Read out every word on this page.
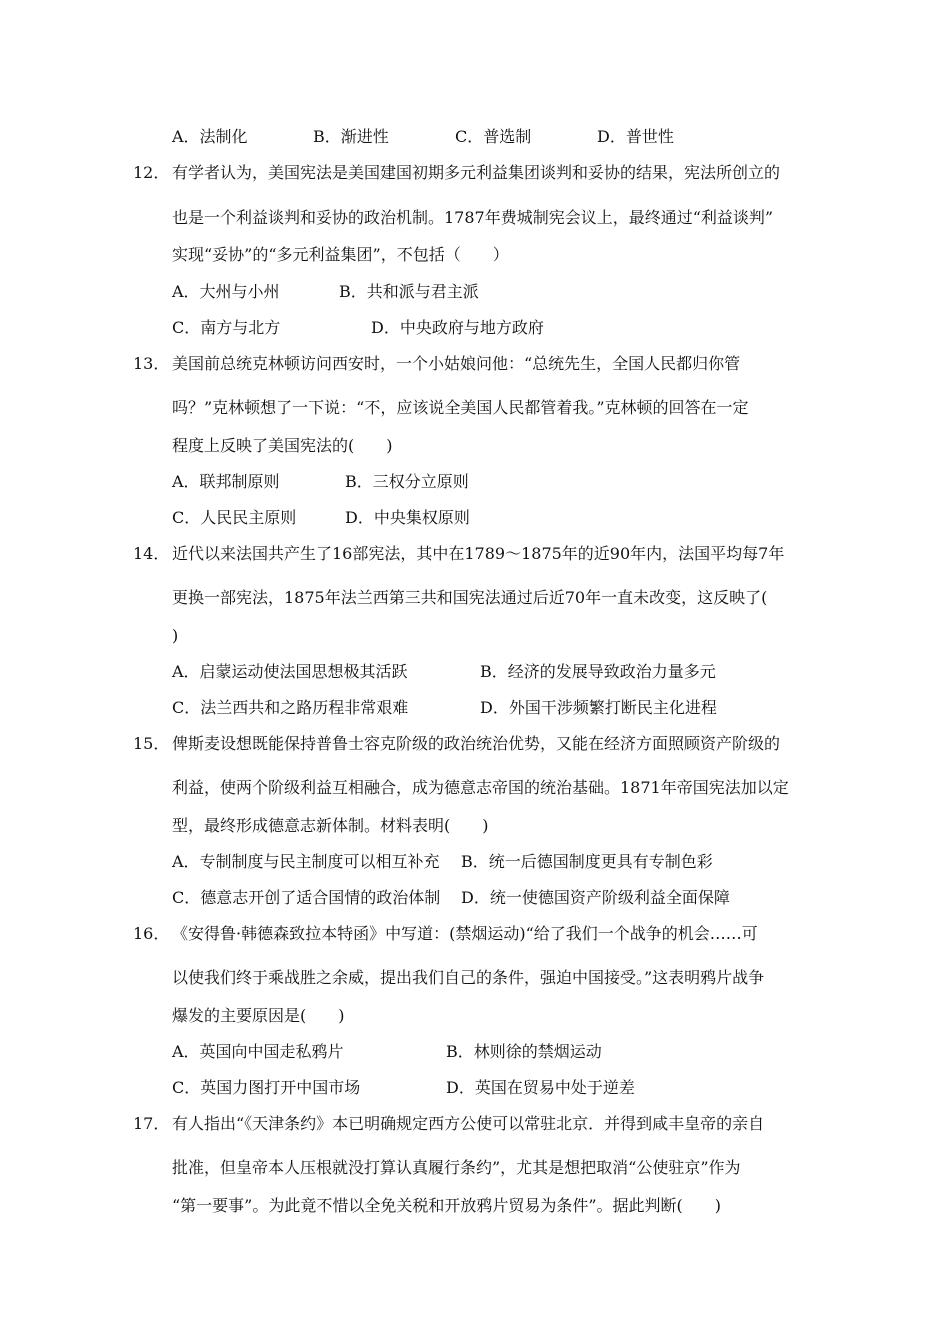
A．法制化	B．渐进性	C．普选制	D．普世性
12． 有学者认为，美国宪法是美国建国初期多元利益集团谈判和妥协的结果，宪法所创立的
也是一个利益谈判和妥协的政治机制。1787年费城制宪会议上，最终通过“利益谈判”
实现“妥协”的“多元利益集团”，不包括（　　）
A．大州与小州	B．共和派与君主派
C．南方与北方	D．中央政府与地方政府
13． 美国前总统克林顿访问西安时，一个小姑娘问他：“总统先生，全国人民都归你管
吗？”克林顿想了一下说：“不，应该说全美国人民都管着我。”克林顿的回答在一定
程度上反映了美国宪法的(　　)
A．联邦制原则	B．三权分立原则
C．人民民主原则	D．中央集权原则
14． 近代以来法国共产生了16部宪法，其中在1789～1875年的近90年内，法国平均每7年
更换一部宪法，1875年法兰西第三共和国宪法通过后近70年一直未改变，这反映了(
)
A．启蒙运动使法国思想极其活跃	B．经济的发展导致政治力量多元
C．法兰西共和之路历程非常艰难	D．外国干涉频繁打断民主化进程
15． 俾斯麦设想既能保持普鲁士容克阶级的政治统治优势，又能在经济方面照顾资产阶级的
利益，使两个阶级利益互相融合，成为德意志帝国的统治基础。1871年帝国宪法加以定
型，最终形成德意志新体制。材料表明(　　)
A．专制制度与民主制度可以相互补充 B．统一后德国制度更具有专制色彩
C．德意志开创了适合国情的政治体制 D．统一使德国资产阶级利益全面保障
16． 《安得鲁·韩德森致拉本特函》中写道：(禁烟运动)“给了我们一个战争的机会……可
以使我们终于乘战胜之余威，提出我们自己的条件，强迫中国接受。”这表明鸦片战争
爆发的主要原因是(　　)
A．英国向中国走私鸦片	B．林则徐的禁烟运动
C．英国力图打开中国市场	D．英国在贸易中处于逆差
17． 有人指出“《天津条约》本已明确规定西方公使可以常驻北京．并得到咸丰皇帝的亲自
批准，但皇帝本人压根就没打算认真履行条约”，尤其是想把取消“公使驻京”作为
“第一要事”。为此竟不惜以全免关税和开放鸦片贸易为条件”。据此判断(　　)
